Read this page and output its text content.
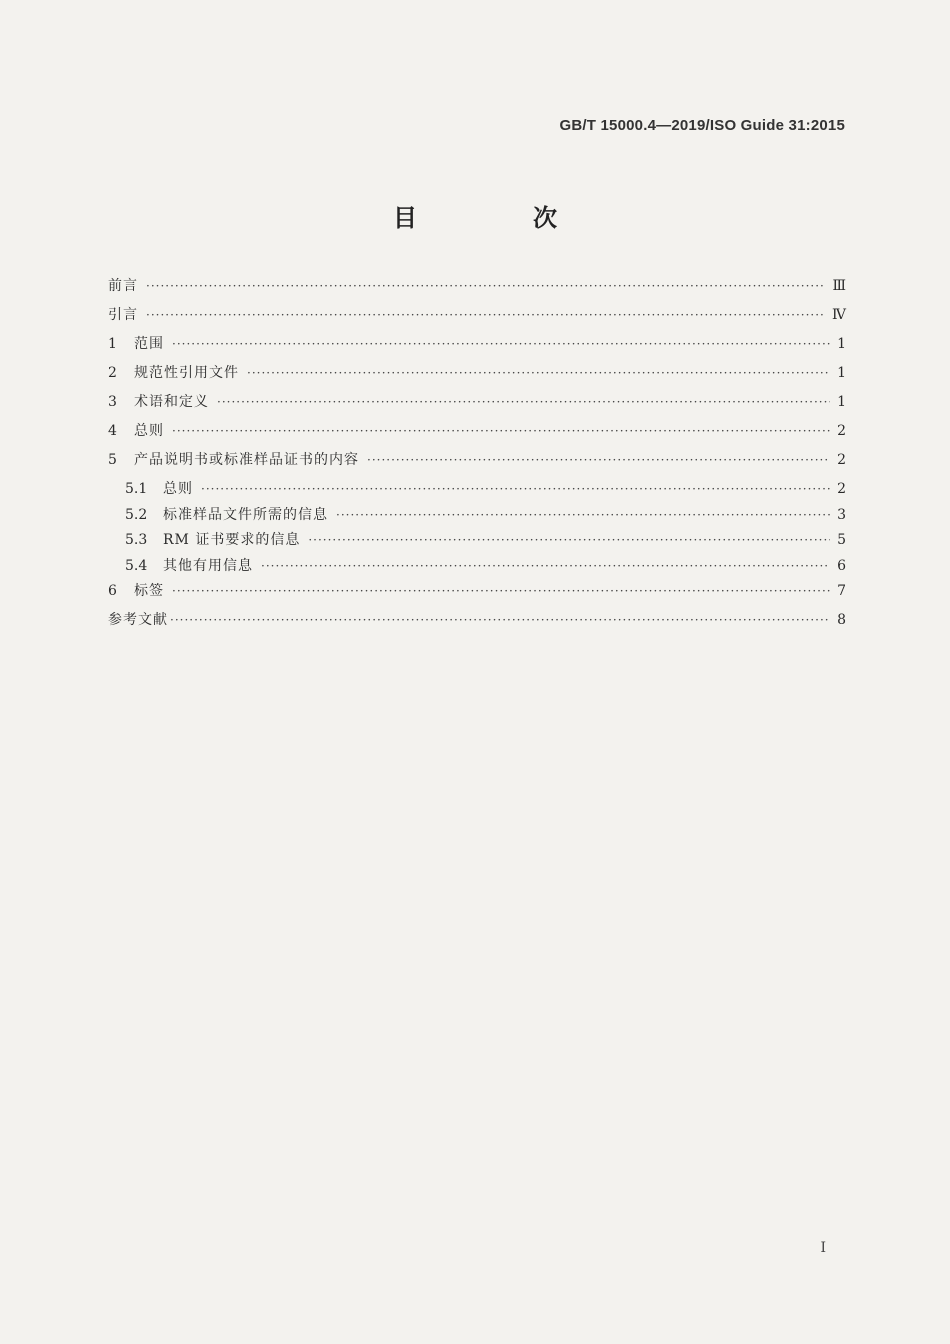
GB/T 15000.4—2019/ISO Guide 31:2015
目　次
前言 ·····	Ⅲ
引言 ·····	Ⅳ
1	范围 ·····	1
2	规范性引用文件 ·····	1
3	术语和定义 ·····	1
4	总则 ·····	2
5	产品说明书或标准样品证书的内容 ·····	2
5.1	总则 ·····	2
5.2	标准样品文件所需的信息 ·····	3
5.3	RM 证书要求的信息 ·····	5
5.4	其他有用信息 ·····	6
6	标签 ·····	7
参考文献 ·····	8
Ⅰ
